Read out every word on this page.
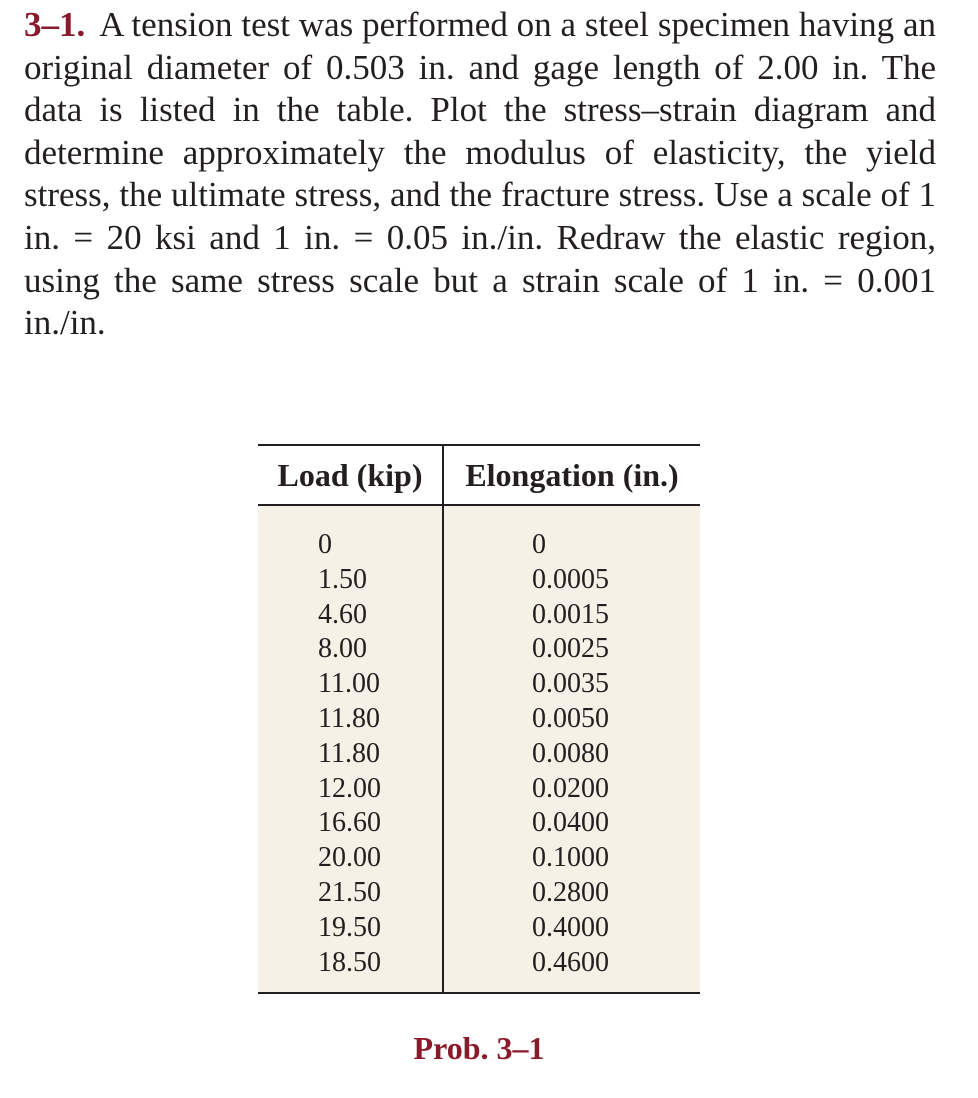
3–1. A tension test was performed on a steel specimen having an original diameter of 0.503 in. and gage length of 2.00 in. The data is listed in the table. Plot the stress–strain diagram and determine approximately the modulus of elasticity, the yield stress, the ultimate stress, and the fracture stress. Use a scale of 1 in. = 20 ksi and 1 in. = 0.05 in./in. Redraw the elastic region, using the same stress scale but a strain scale of 1 in. = 0.001 in./in.
Load (kip)	Elongation (in.)
0
1.50
4.60
8.00
11.00
11.80
11.80
12.00
16.60
20.00
21.50
19.50
18.50
0
0.0005
0.0015
0.0025
0.0035
0.0050
0.0080
0.0200
0.0400
0.1000
0.2800
0.4000
0.4600
Prob. 3–1
